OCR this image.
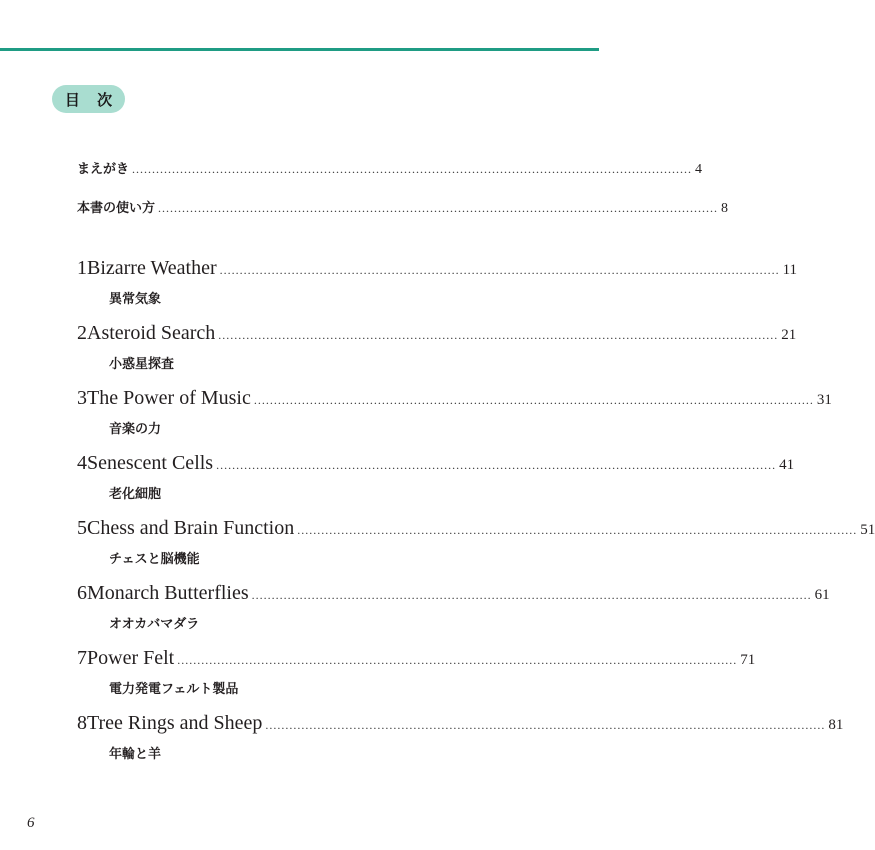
目 次
まえがき ............................................................................................................................................ 4
本書の使い方 ............................................................................................................................................ 8
1 Bizarre Weather ............................................................................................................................................ 11
異常気象
2 Asteroid Search ............................................................................................................................................ 21
小惑星探査
3 The Power of Music ............................................................................................................................................ 31
音楽の力
4 Senescent Cells ............................................................................................................................................ 41
老化細胞
5 Chess and Brain Function ............................................................................................................................................ 51
チェスと脳機能
6 Monarch Butterflies ............................................................................................................................................ 61
オオカバマダラ
7 Power Felt ............................................................................................................................................ 71
電力発電フェルト製品
8 Tree Rings and Sheep ............................................................................................................................................ 81
年輪と羊
6
